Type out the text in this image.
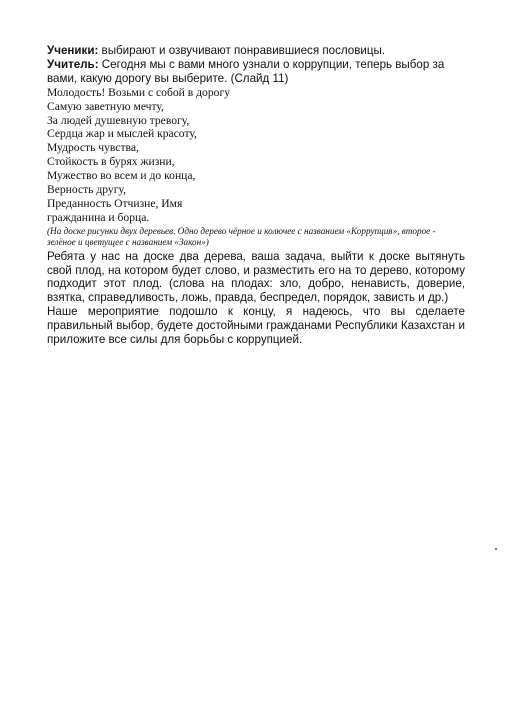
Ученики: выбирают и озвучивают понравившиеся пословицы.

Учитель: Сегодня мы с вами много узнали о коррупции, теперь выбор за вами, какую дорогу вы выберите. (Слайд 11)

Молодость! Возьми с собой в дорогу

Самую заветную мечту,

За людей душевную тревогу,

Сердца жар и мыслей красоту,

Мудрость чувства,

Стойкость в бурях жизни,

Мужество во всем и до конца,

Верность другу,

Преданность Отчизне, Имя

гражданина и борца.

(На доске рисунки двух деревьев. Одно дерево чёрное и колючее с названием «Коррупция», второе - зелёное и цветущее с названием «Закон»)

Ребята у нас на доске два дерева, ваша задача, выйти к доске вытянуть свой плод, на котором будет слово, и разместить его на то дерево, которому подходит этот плод. (слова на плодах: зло, добро, ненависть, доверие, взятка, справедливость, ложь, правда, беспредел, порядок, зависть и др.)

Наше мероприятие подошло к концу, я надеюсь, что вы сделаете правильный выбор, будете достойными гражданами Республики Казахстан и приложите все силы для борьбы с коррупцией.
